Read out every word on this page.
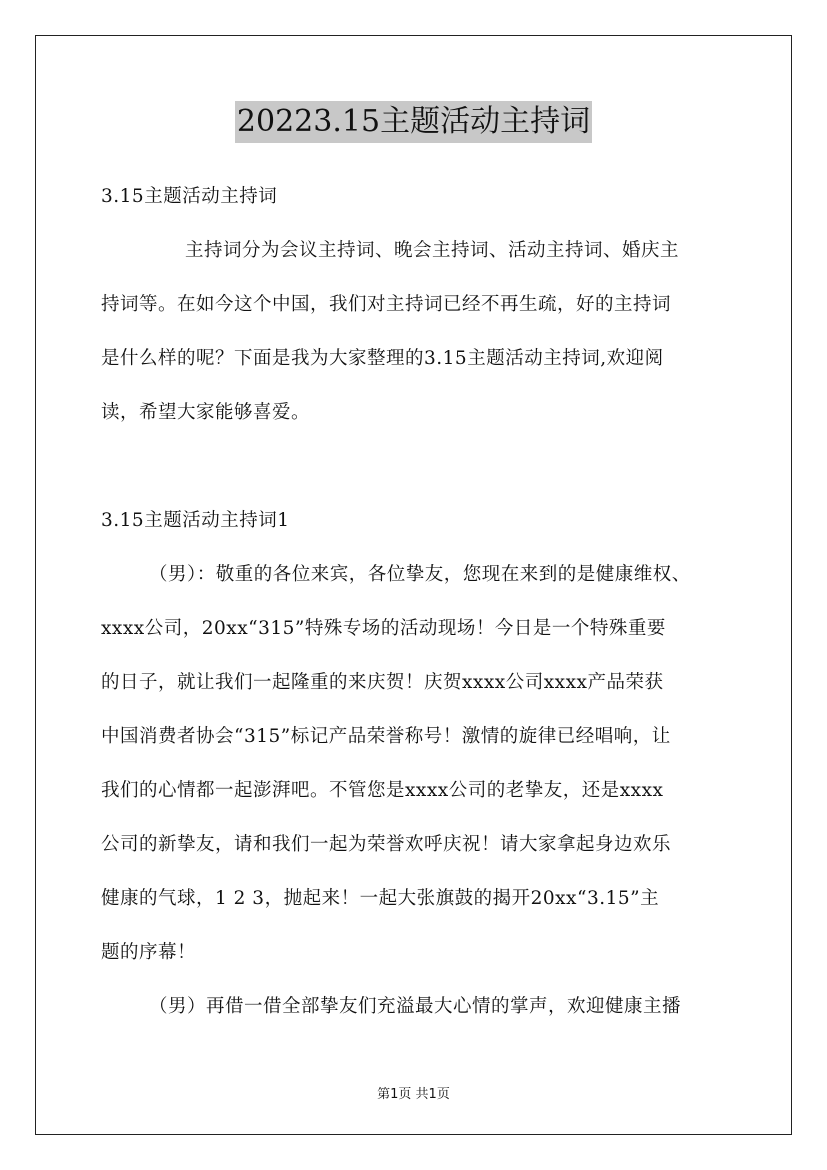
20223.15主题活动主持词
3.15主题活动主持词
主持词分为会议主持词、晚会主持词、活动主持词、婚庆主
持词等。在如今这个中国，我们对主持词已经不再生疏，好的主持词
是什么样的呢？下面是我为大家整理的3.15主题活动主持词,欢迎阅
读，希望大家能够喜爱。
3.15主题活动主持词1
（男）：敬重的各位来宾，各位挚友，您现在来到的是健康维权、
xxxx公司，20xx“315”特殊专场的活动现场！今日是一个特殊重要
的日子，就让我们一起隆重的来庆贺！庆贺xxxx公司xxxx产品荣获
中国消费者协会“315”标记产品荣誉称号！激情的旋律已经唱响，让
我们的心情都一起澎湃吧。不管您是xxxx公司的老挚友，还是xxxx
公司的新挚友，请和我们一起为荣誉欢呼庆祝！请大家拿起身边欢乐
健康的气球，1 2 3，抛起来！一起大张旗鼓的揭开20xx“3.15”主
题的序幕！
（男）再借一借全部挚友们充溢最大心情的掌声，欢迎健康主播
第1页 共1页
